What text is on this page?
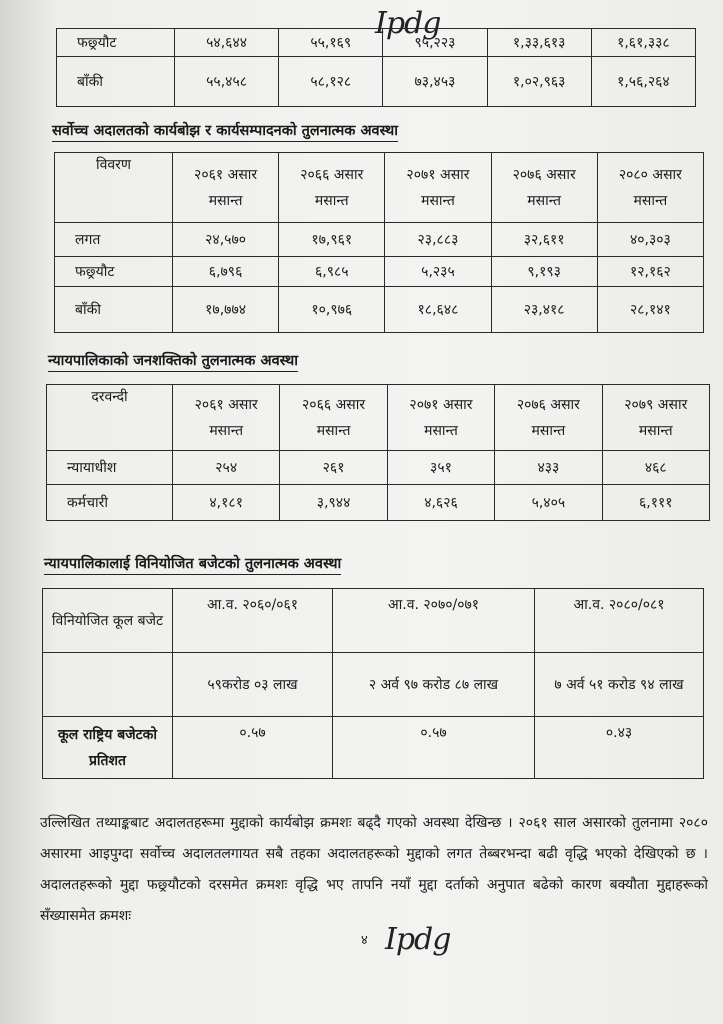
Ipdg
फछ्र्यौट	५४,६४४	५५,१६९	९५,२२३	१,३३,६१३	१,६१,३३८
बाँकी	५५,४५८	५८,१२८	७३,४५३	१,०२,९६३	१,५६,२६४
सर्वोच्च अदालतको कार्यबोझ र कार्यसम्पादनको तुलनात्मक अवस्था
विवरण	२०६१ असार मसान्त	२०६६ असार मसान्त	२०७१ असार मसान्त	२०७६ असार मसान्त	२०८० असार मसान्त
लगत	२४,५७०	१७,९६१	२३,८८३	३२,६११	४०,३०३
फछ्र्यौट	६,७९६	६,९८५	५,२३५	९,१९३	१२,१६२
बाँकी	१७,७७४	१०,९७६	१८,६४८	२३,४१८	२८,१४१
न्यायपालिकाको जनशक्तिको तुलनात्मक अवस्था
दरवन्दी	२०६१ असार मसान्त	२०६६ असार मसान्त	२०७१ असार मसान्त	२०७६ असार मसान्त	२०७९ असार मसान्त
न्यायाधीश	२५४	२६१	३५१	४३३	४६८
कर्मचारी	४,१८१	३,९४४	४,६२६	५,४०५	६,१११
न्यायपालिकालाई विनियोजित बजेटको तुलनात्मक अवस्था
विनियोजित कूल बजेट	आ.व. २०६०/०६१	आ.व. २०७०/०७१	आ.व. २०८०/०८१
	५९करोड ०३ लाख	२ अर्व ९७ करोड ८७ लाख	७ अर्व ५१ करोड ९४ लाख
कूल राष्ट्रिय बजेटको प्रतिशत	०.५७	०.५७	०.४३

उल्लिखित तथ्याङ्कबाट अदालतहरूमा मुद्दाको कार्यबोझ क्रमशः बढ्दै गएको अवस्था देखिन्छ । २०६१ साल असारको तुलनामा २०८० असारमा आइपुग्दा सर्वोच्च अदालतलगायत सबै तहका अदालतहरूको मुद्दाको लगत तेब्बरभन्दा बढी वृद्धि भएको देखिएको छ । अदालतहरूको मुद्दा फछ्र्यौटको दरसमेत क्रमशः वृद्धि भए तापनि नयाँ मुद्दा दर्ताको अनुपात बढेको कारण बक्यौता मुद्दाहरूको सँख्यासमेत क्रमशः

४ Ipdg
